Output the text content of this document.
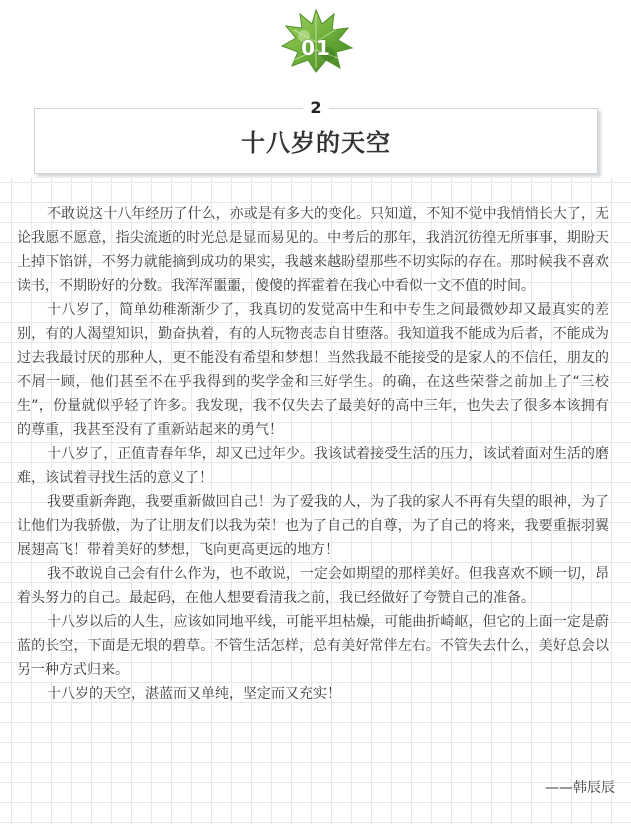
01
2
十八岁的天空

不敢说这十八年经历了什么，亦或是有多大的变化。只知道，不知不觉中我悄悄长大了，无论我愿不愿意，指尖流逝的时光总是显而易见的。中考后的那年，我消沉彷徨无所事事，期盼天上掉下馅饼，不努力就能摘到成功的果实，我越来越盼望那些不切实际的存在。那时候我不喜欢读书，不期盼好的分数。我浑浑噩噩，傻傻的挥霍着在我心中看似一文不值的时间。

十八岁了，简单幼稚渐渐少了，我真切的发觉高中生和中专生之间最微妙却又最真实的差别，有的人渴望知识，勤奋执着，有的人玩物丧志自甘堕落。我知道我不能成为后者，不能成为过去我最讨厌的那种人，更不能没有希望和梦想！当然我最不能接受的是家人的不信任，朋友的不屑一顾，他们甚至不在乎我得到的奖学金和三好学生。的确，在这些荣誉之前加上了“三校生”，份量就似乎轻了许多。我发现，我不仅失去了最美好的高中三年，也失去了很多本该拥有的尊重，我甚至没有了重新站起来的勇气！

十八岁了，正值青春年华，却又已过年少。我该试着接受生活的压力，该试着面对生活的磨难，该试着寻找生活的意义了！

我要重新奔跑，我要重新做回自己！为了爱我的人，为了我的家人不再有失望的眼神，为了让他们为我骄傲，为了让朋友们以我为荣！也为了自己的自尊，为了自己的将来，我要重振羽翼展翅高飞！带着美好的梦想，飞向更高更远的地方！

我不敢说自己会有什么作为，也不敢说，一定会如期望的那样美好。但我喜欢不顾一切，昂着头努力的自己。最起码，在他人想要看清我之前，我已经做好了夸赞自己的准备。

十八岁以后的人生，应该如同地平线，可能平坦枯燥，可能曲折崎岖，但它的上面一定是蔚蓝的长空，下面是无垠的碧草。不管生活怎样，总有美好常伴左右。不管失去什么，美好总会以另一种方式归来。

十八岁的天空，湛蓝而又单纯，坚定而又充实！

——韩辰辰
